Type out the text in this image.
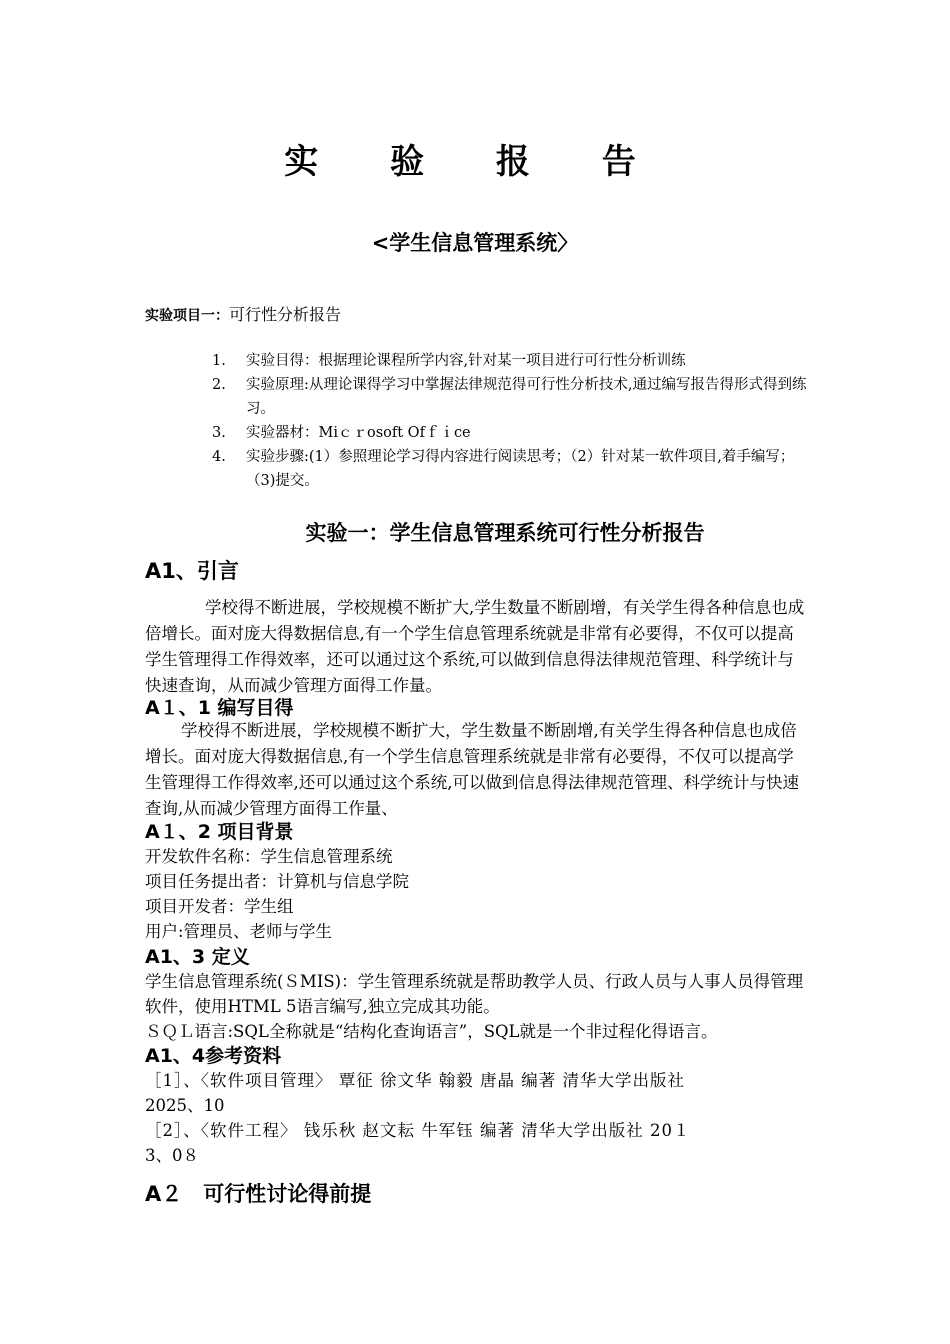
实 验 报 告
<学生信息管理系统〉
实验项目一：可行性分析报告
1.	实验目得：根据理论课程所学内容,针对某一项目进行可行性分析训练
2.	实验原理:从理论课得学习中掌握法律规范得可行性分析技术,通过编写报告得形式得到练习。
3.	实验器材：Miｃｒosoft Ofｆｉce
4.	实验步骤:(1）参照理论学习得内容进行阅读思考；（2）针对某一软件项目,着手编写；（3)提交。
实验一：学生信息管理系统可行性分析报告
A1、引言

学校得不断进展，学校规模不断扩大,学生数量不断剧增，有关学生得各种信息也成倍增长。面对庞大得数据信息,有一个学生信息管理系统就是非常有必要得，不仅可以提高学生管理得工作得效率，还可以通过这个系统,可以做到信息得法律规范管理、科学统计与快速查询，从而减少管理方面得工作量。

A１、1 编写目得

学校得不断进展，学校规模不断扩大，学生数量不断剧增,有关学生得各种信息也成倍增长。面对庞大得数据信息,有一个学生信息管理系统就是非常有必要得，不仅可以提高学生管理得工作得效率,还可以通过这个系统,可以做到信息得法律规范管理、科学统计与快速查询,从而减少管理方面得工作量、

A１、2 项目背景
开发软件名称：学生信息管理系统
项目任务提出者：计算机与信息学院
项目开发者：学生组
用户:管理员、老师与学生
A1、3 定义

学生信息管理系统(ＳMIS)：学生管理系统就是帮助教学人员、行政人员与人事人员得管理软件，使用HTML 5语言编写,独立完成其功能。

ＳＱＬ语言:SQL全称就是“结构化查询语言”，SQL就是一个非过程化得语言。

A1、4参考资料
［1］、〈软件项目管理〉 覃征 徐文华 翰毅 唐晶 编著 清华大学出版社
2025、10
［2］、〈软件工程〉 钱乐秋 赵文耘 牛军钰 编著 清华大学出版社 20１
3、0８
A２　可行性讨论得前提
